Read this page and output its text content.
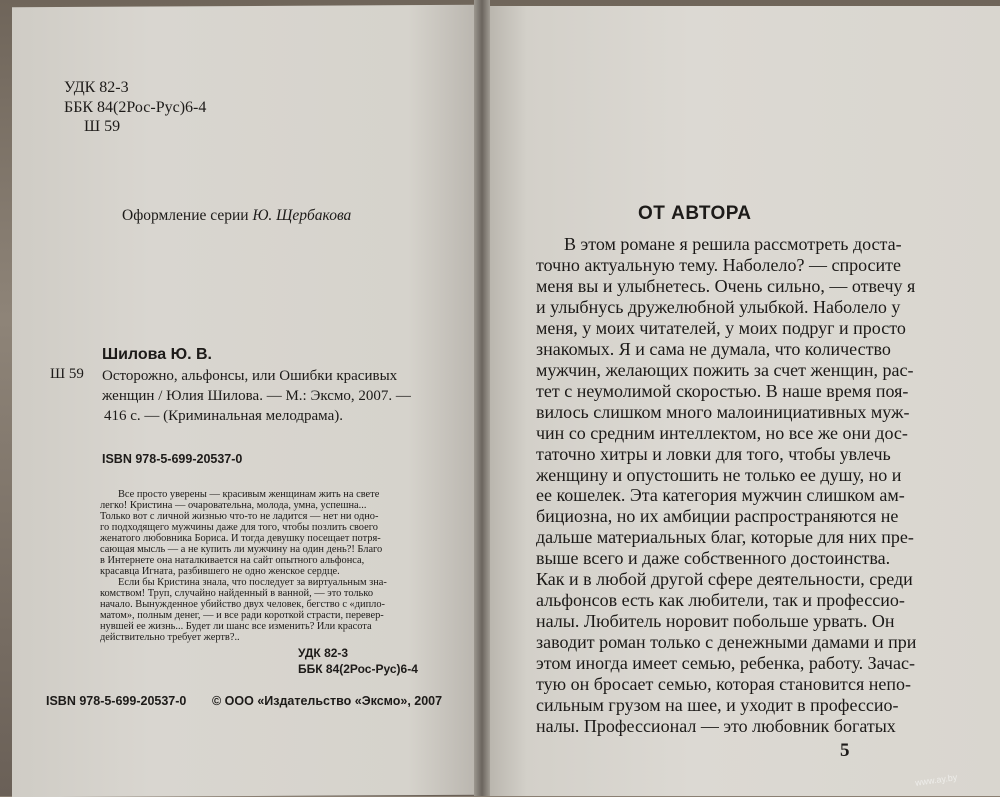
УДК 82-3
ББК 84(2Рос-Рус)6-4
Ш 59
Оформление серии Ю. Щербакова
Шилова Ю. В.
Ш 59 Осторожно, альфонсы, или Ошибки красивых
женщин / Юлия Шилова. — М.: Эксмо, 2007. —
416 с. — (Криминальная мелодрама).
ISBN 978-5-699-20537-0
Все просто уверены — красивым женщинам жить на свете
легко! Кристина — очаровательна, молода, умна, успешна...
Только вот с личной жизнью что-то не ладится — нет ни одно-
го подходящего мужчины даже для того, чтобы позлить своего
женатого любовника Бориса. И тогда девушку посещает потря-
сающая мысль — а не купить ли мужчину на один день?! Благо
в Интернете она наталкивается на сайт опытного альфонса,
красавца Игната, разбившего не одно женское сердце.
Если бы Кристина знала, что последует за виртуальным зна-
комством! Труп, случайно найденный в ванной, — это только
начало. Вынужденное убийство двух человек, бегство с «дипло-
матом», полным денег, — и все ради короткой страсти, перевер-
нувшей ее жизнь... Будет ли шанс все изменить? Или красота
действительно требует жертв?..
УДК 82-3
ББК 84(2Рос-Рус)6-4
ISBN 978-5-699-20537-0 © ООО «Издательство «Эксмо», 2007
ОТ АВТОРА
В этом романе я решила рассмотреть доста-
точно актуальную тему. Наболело? — спросите
меня вы и улыбнетесь. Очень сильно, — отвечу я
и улыбнусь дружелюбной улыбкой. Наболело у
меня, у моих читателей, у моих подруг и просто
знакомых. Я и сама не думала, что количество
мужчин, желающих пожить за счет женщин, рас-
тет с неумолимой скоростью. В наше время поя-
вилось слишком много малоинициативных муж-
чин со средним интеллектом, но все же они дос-
таточно хитры и ловки для того, чтобы увлечь
женщину и опустошить не только ее душу, но и
ее кошелек. Эта категория мужчин слишком ам-
бициозна, но их амбиции распространяются не
дальше материальных благ, которые для них пре-
выше всего и даже собственного достоинства.
Как и в любой другой сфере деятельности, среди
альфонсов есть как любители, так и профессио-
налы. Любитель норовит побольше урвать. Он
заводит роман только с денежными дамами и при
этом иногда имеет семью, ребенка, работу. Зачас-
тую он бросает семью, которая становится непо-
сильным грузом на шее, и уходит в профессио-
налы. Профессионал — это любовник богатых
5
www.ay.by
